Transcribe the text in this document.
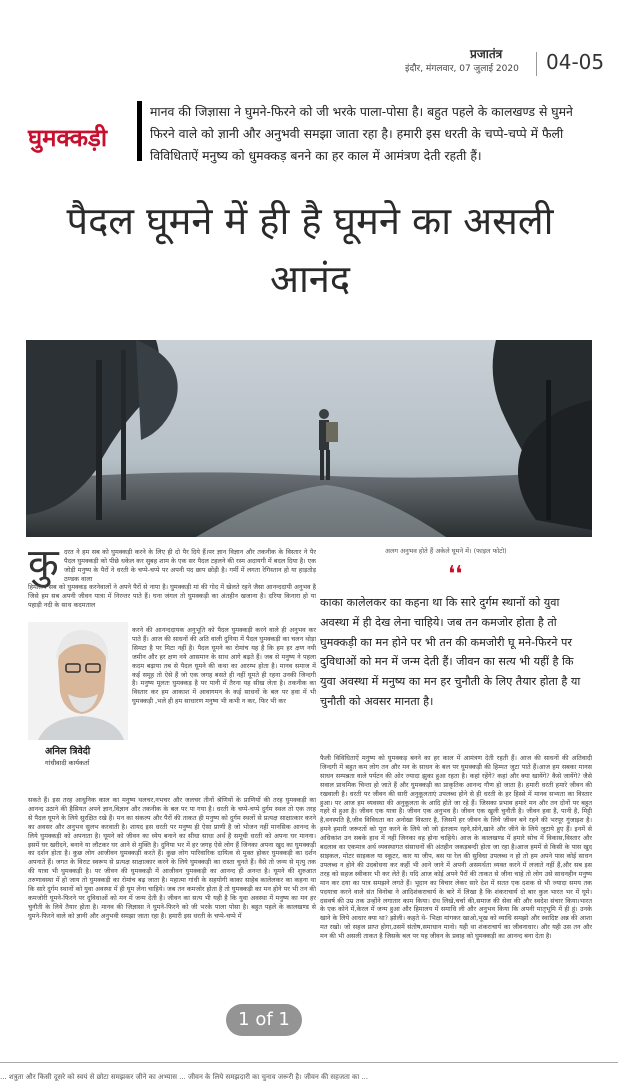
प्रजातंत्र
इंदौर, मंगलवार, 07 जुलाई 2020 04-05
घुमक्कड़ी
मानव की जिज्ञासा ने घुमने-फिरने को जी भरके पाला-पोसा है। बहुत पहले के कालखण्ड से घुमने फिरने वाले को ज्ञानी और अनुभवी समझा जाता रहा है। हमारी इस धरती के चप्पे-चप्पे में फैली विविधिताऐं मनुष्य को धुमक्कड़ बनने का हर काल में आमंत्रण देती रहती हैं।
पैदल घूमने में ही है घूमने का असली आनंद
अलग अनुभव होते हैं अकेले घूमने में। (फाइल फोटो)
कु दरत ने हम सब को घुमक्कड़ी करने के लिए ही दो पैर दिये हैं।पर ज्ञान विज्ञान और तकनीक के विस्तार ने पैर पैदल घुमक्कड़ी को पीछे धकेल कर सुबह शाम के एक सर पैदल टहलने की रस्म अदायगी में बदल दिया है। एक जोड़ी मनुष्य के पैरों ने धरती के चप्पे-चप्पे पर अपनी पद छाप छोड़ी है। गर्मी में लगता रेगिस्तान हो या हाड़तोड़ ठण्डक वाला
हिमालय सब को घुमक्कड़ करनेवालों ने अपने पैरों से नापा है। घुमक्कड़ी मां की गोद में खेलते रहने जैसा आनन्ददायी अनुभव है जिसे हम सब अपनी जीवन यात्रा में निरन्तर पाते हैं। घना जंगल तो घुमक्कड़ी का अंतहीन खजाना है। दरिया किनारा हो या पहाड़ी नदी के साथ कदमताल
अनिल त्रिवेदी
गांधीवादी कार्यकर्ता
करने की आनन्ददायक अनुभूति को पैदल घुमक्कड़ी करने वाले ही अनुभव कर पाते हैं। आज की साधनों की अति वाली दुनिया में पैदल घुमक्कड़ी का चलन थोड़ा सिमटा है पर मिटा नहीं है। पैदल घूमने का रोमांच यह है कि हम हर क्षण नयी जमीन और हर क्षण नये आसमान के साथ आगे बढ़ते हैं। जब से मनुष्य ने पहला कदम बढ़ाया तब से पैदल घूमने की कथा का आरम्भ होता है। मानव समाज में कई समूह तो ऐसे हैं जो एक जगह बसते ही नहीं घूमते ही रहना उनकी जिन्दगी है। मनुष्य मूलतः घुमक्कड़ है पर पानी में तैरना यह सीख लेता है। तकनीक का विस्तार कर हम आकाश में आवागमन के कई साधनों के बल पर हवा में भी घुमक्कड़ी ,भले ही हम साधारण मनुष्य भी कभी न कर, फिर भी कर
सकते हैं। इस तरह आधुनिक काल का मनुष्य थलचर,नभचर और जलचर तीनों श्रेणियों के प्राणियों की तरह घुमक्कड़ी का आनन्द उठाने की हैसियत अपने ज्ञान,विज्ञान और तकनीक के बल पर पा गया है। धरती के चप्पे-चप्पे दुर्गम स्थल तो एक तरह से पैदल घूमने के लिये सुरक्षित रखे हैं। मन का संकल्प और पैरों की ताकत ही मनुष्य को दुर्गम स्थलों से प्रत्यक्ष साक्षात्कार करने का अवसर और अनुभव सुलभ करवाती है। शायद इस धरती पर मनुष्य ही ऐसा प्राणी है जो भोजन नहीं मानसिक आनन्द के लिये घुमक्कड़ी को अपनाता है। घूमने को जीवन का ध्येय बनाने का सीधा साधा अर्थ है समूची धरती को अपना घर मानना। इसमें घर खरीदने, बनाने या लौटकर घर आने से मुक्ति है। दुनिया भर में हर जगह ऐसे लोग हैं जिनका अपना खुद का घुमक्कड़ी का दर्शन होता है। कुछ लोग आजीवन घुमक्कड़ी करते हैं। कुछ लोग पारिवारिक दायित्व से मुक्त होकर घुमक्कड़ी का दर्शन अपनाते हैं। जगत के विराट स्वरूप से प्रत्यक्ष साक्षात्कार करने के लिये घुमक्कड़ी का रास्ता चुनते हैं। वैसे तो जन्म से मृत्यु तक की यात्रा भी घुमक्कड़ी है। पर जीवन की घुमक्कड़ी में आजीवन घुमक्कड़ी का आनन्द ही अनन्त है। घूमने की शुरुआत तरुणावस्था में हो जाय तो घुमक्कड़ी का रोमांच बढ़ जाता है। महात्मा गांधी के सहयोगी काका साहेब कालेलकर का कहना था कि सारे दुर्गम स्थानों को युवा अवस्था में ही घूम लेना चाहिये। जब तन कमजोर होता है तो घुमक्कड़ी का मन होने पर भी तन की कमजोरी घूमने-फिरने पर दुविधाओं को मन में जन्म देती है। जीवन का सत्य भी यही है कि युवा अवस्था में मनुष्य का मन हर चुनौती के लिये तैयार होता है। मानव की जिज्ञासा ने घुमने-फिरने को जी भरके पाला पोसा है। बहुत पहले के कालखण्ड से घुमने-फिरने वाले को ज्ञानी और अनुभवी समझा जाता रहा है। हमारी इस धरती के चप्पे-चप्पे में
❛❛
काका कालेलकर का कहना था कि सारे दुर्गम स्थानों को युवा अवस्था में ही देख लेना चाहिये। जब तन कमजोर होता है तो घुमक्कड़ी का मन होने पर भी तन की कमजोरी घू मने-फिरने पर दुविधाओं को मन में जन्म देती हैं। जीवन का सत्य भी यहीं है कि युवा अवस्था में मनुष्य का मन हर चुनौती के लिए तैयार होता है या चुनौती को अवसर मानता है।
फैली विविधिताऐं मनुष्य को घुमक्कड़ बनने का हर काल में आमंत्रण देती रहती हैं। आज की साधनों की अतिवादी जिन्दगी में बहुत कम लोग तन और मन के साधन के बल पर घुमक्कड़ी की हिम्मत जुटा पाते हैं।आज हम सबका मानस साधन सम्पन्नता वाले पर्यटन की ओर ज्यादा झुका हुआ रहता है। कहां रहेंगे? कहां और क्या खायेंगे? कैसे जायेंगे? जैसे सवाल प्राथमिक चिन्ता हो जाते हैं और घुमक्कड़ी का प्राकृतिक आनन्द गौण हो जाता है। हमारी धरती हमारे जीवन की रखवाली है। धरती पर जीवन की सारी अनुकूलताएं उपलब्ध होने से ही धरती के हर हिस्से में मानव सभ्यता का विस्तार हुआ। पर आज हम व्यवस्था की अनुकूलता के आदि होते जा रहे हैं। जिसका प्रभाव हमारे मन और तन दोनों पर बहुत गहरे से हुआ है। जीवन एक यात्रा है। जीवन एक अनुभव है। जीवन एक खुली चुनौती है। जीवन हवा है, पानी है, मिट्टी है,वनस्पति है,जीव विविधता का अनोखा विस्तार है, जिसमें हर जीवन के लिये जीवन बने रहने की भरपूर गुंजाइश है। हमने हमारी जरूरतों को पूरा करने के लिये जो जो इंतजाम रहने,सोने,खाने और जीने के लिये जुटाये हुए हैं। इनमें से अधिकांश उन सबके हाथ में नहीं जिनका वह होना चाहिये। आज के कालखण्ड में हमारे सोच में विकास,विस्तार और बदलाव का एकमात्र अर्थ व्यवस्थागत संसाधनों की अंतहीन जकड़बन्दी होता जा रहा है।आज हममें से किसी के पास खुद साइकल, मोटर साइकल या स्कूटर, कार या जीप, बस या रेल की सुविधा उपलब्ध न हो तो हम अपने पास कोई साधन उपलब्ध न होने की उदबोधना कर कहीं भी आने जाने में अपनी असमर्थता व्यक्त करने में लजाते नहीं हैं,और सब इस तरह को सहज स्वीकार भी कर लेते हैं। यदि आज कोई अपने पैरों की ताकत से जीना चाहे तो लोग उसे साधनहीन मनुष्य मान कर दया का पात्र समझने लगते हैं। भूदान का विचार लेकर सारे देश में सतत एक दशक से भी ज्यादा समय तक पदयात्रा करने वाले संत विनोबा ने आदिशंकराचार्य के बारे में लिखा है कि शंकराचार्य दो बार कुल भारत भर में घूमे। दसवर्ष की उम्र तक उन्होंने लगातार काम किया। ग्रंथ लिखे,चर्चा की,समाज की सेवा की और स्वदेश संचार किया।भारत के एक कोने में,केरल में जन्म हुआ और हिमालय में समाधि ली और अनुभव किया कि अपनी मातृभूमि में ही हूं। उनके खाने के लिये आधार क्या था? झोली। कहते थे- भिक्षा मांगकर खाओ,भूख को व्याधि समझो और स्वादिष्ट अन्न की आशा मत रखो। जो सहज प्राप्त होगा,उसमें संतोष,समाधान मानो। यही था शंकराचार्य का जीवनाधार। और यही उस तन और मन की भी असली ताकत है जिसके बल पर यह जीवन के प्रवाह को घुमक्कड़ी का आनन्द बना देता है।
1 of 1
... शत्रुता और किसी दूसरे को स्वयं से छोटा समझकर जीने का अभ्यास ... जीवन के लिये समझदारी का चुनाव जरूरी है। जीवन की सहजता का ...
